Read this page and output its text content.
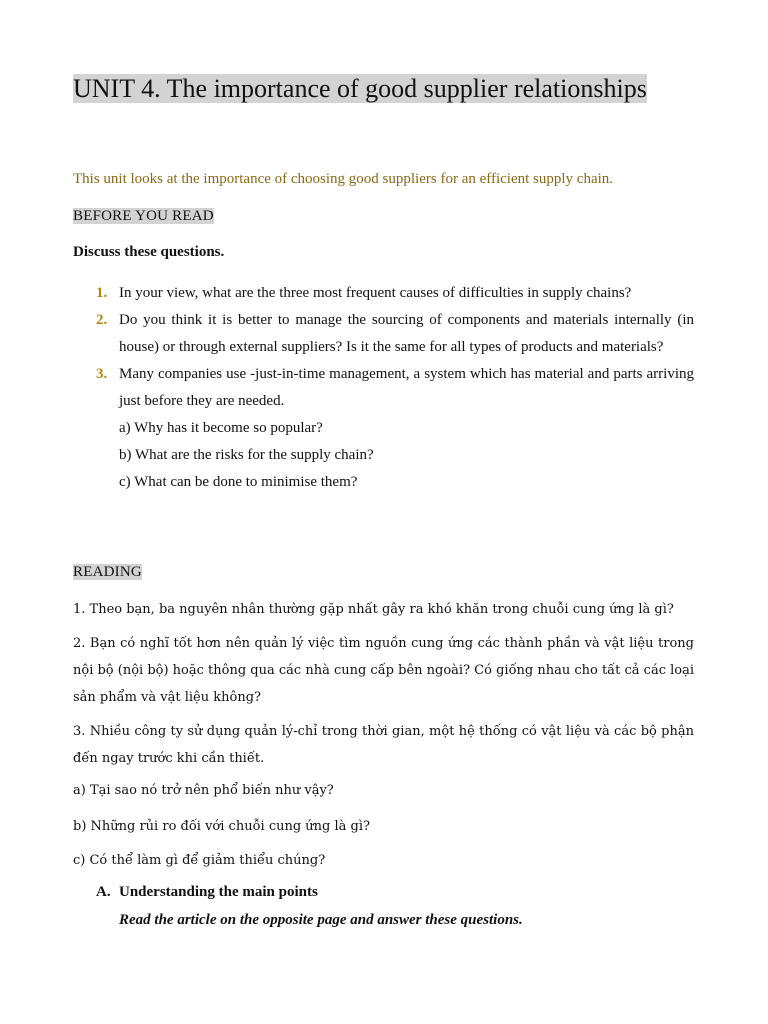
UNIT 4. The importance of good supplier relationships
This unit looks at the importance of choosing good suppliers for an efficient supply chain.
BEFORE YOU READ
Discuss these questions.
1. In your view, what are the three most frequent causes of difficulties in supply chains?
2. Do you think it is better to manage the sourcing of components and materials internally (in house) or through external suppliers? Is it the same for all types of products and materials?
3. Many companies use -just-in-time management, a system which has material and parts arriving just before they are needed.
a) Why has it become so popular?
b) What are the risks for the supply chain?
c) What can be done to minimise them?
READING
1. Theo bạn, ba nguyên nhân thường gặp nhất gây ra khó khăn trong chuỗi cung ứng là gì?
2. Bạn có nghĩ tốt hơn nên quản lý việc tìm nguồn cung ứng các thành phần và vật liệu trong nội bộ (nội bộ) hoặc thông qua các nhà cung cấp bên ngoài? Có giống nhau cho tất cả các loại sản phẩm và vật liệu không?
3. Nhiều công ty sử dụng quản lý-chỉ trong thời gian, một hệ thống có vật liệu và các bộ phận đến ngay trước khi cần thiết.
a) Tại sao nó trở nên phổ biến như vậy?
b) Những rủi ro đối với chuỗi cung ứng là gì?
c) Có thể làm gì để giảm thiểu chúng?
A. Understanding the main points
Read the article on the opposite page and answer these questions.
